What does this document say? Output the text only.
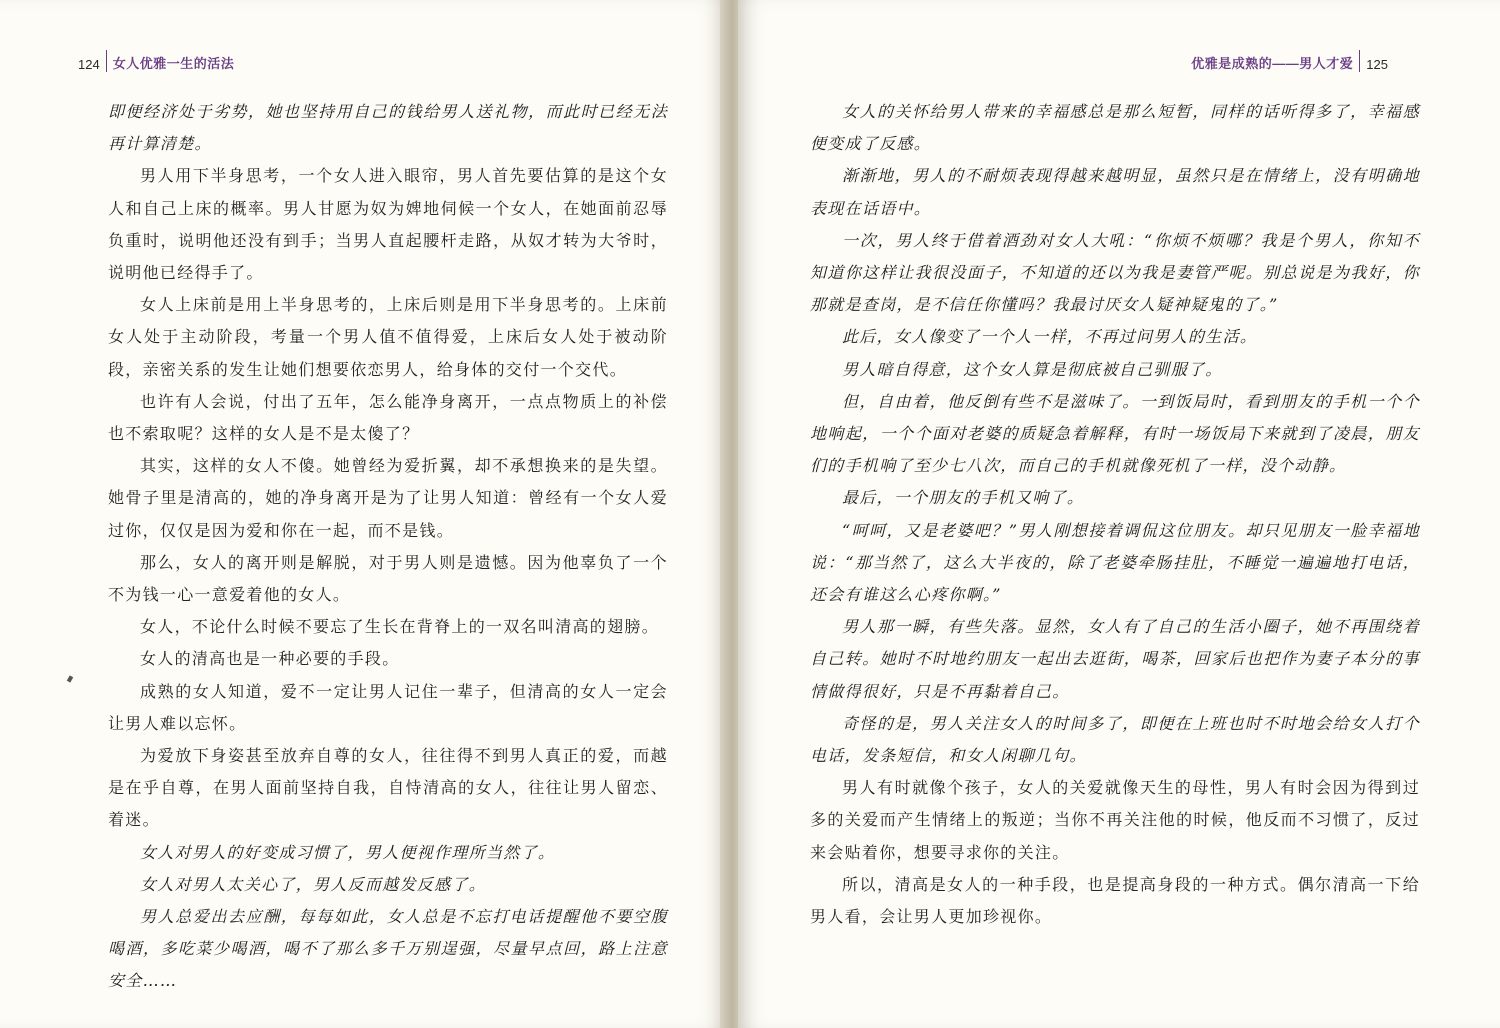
124 女人优雅一生的活法

即便经济处于劣势，她也坚持用自己的钱给男人送礼物，而此时已经无法再计算清楚。

男人用下半身思考，一个女人进入眼帘，男人首先要估算的是这个女人和自己上床的概率。男人甘愿为奴为婢地伺候一个女人，在她面前忍辱负重时，说明他还没有到手；当男人直起腰杆走路，从奴才转为大爷时，说明他已经得手了。

女人上床前是用上半身思考的，上床后则是用下半身思考的。上床前女人处于主动阶段，考量一个男人值不值得爱，上床后女人处于被动阶段，亲密关系的发生让她们想要依恋男人，给身体的交付一个交代。

也许有人会说，付出了五年，怎么能净身离开，一点点物质上的补偿也不索取呢？这样的女人是不是太傻了？

其实，这样的女人不傻。她曾经为爱折翼，却不承想换来的是失望。她骨子里是清高的，她的净身离开是为了让男人知道：曾经有一个女人爱过你，仅仅是因为爱和你在一起，而不是钱。

那么，女人的离开则是解脱，对于男人则是遗憾。因为他辜负了一个不为钱一心一意爱着他的女人。

女人，不论什么时候不要忘了生长在背脊上的一双名叫清高的翅膀。

女人的清高也是一种必要的手段。

成熟的女人知道，爱不一定让男人记住一辈子，但清高的女人一定会让男人难以忘怀。

为爱放下身姿甚至放弃自尊的女人，往往得不到男人真正的爱，而越是在乎自尊，在男人面前坚持自我，自恃清高的女人，往往让男人留恋、着迷。

女人对男人的好变成习惯了，男人便视作理所当然了。

女人对男人太关心了，男人反而越发反感了。

男人总爱出去应酬，每每如此，女人总是不忘打电话提醒他不要空腹喝酒，多吃菜少喝酒，喝不了那么多千万别逞强，尽量早点回，路上注意安全……

优雅是成熟的——男人才爱 125

女人的关怀给男人带来的幸福感总是那么短暂，同样的话听得多了，幸福感便变成了反感。

渐渐地，男人的不耐烦表现得越来越明显，虽然只是在情绪上，没有明确地表现在话语中。

一次，男人终于借着酒劲对女人大吼：“你烦不烦哪？我是个男人，你知不知道你这样让我很没面子，不知道的还以为我是妻管严呢。别总说是为我好，你那就是查岗，是不信任你懂吗？我最讨厌女人疑神疑鬼的了。”

此后，女人像变了一个人一样，不再过问男人的生活。

男人暗自得意，这个女人算是彻底被自己驯服了。

但，自由着，他反倒有些不是滋味了。一到饭局时，看到朋友的手机一个个地响起，一个个面对老婆的质疑急着解释，有时一场饭局下来就到了凌晨，朋友们的手机响了至少七八次，而自己的手机就像死机了一样，没个动静。

最后，一个朋友的手机又响了。

“呵呵，又是老婆吧？”男人刚想接着调侃这位朋友。却只见朋友一脸幸福地说：“那当然了，这么大半夜的，除了老婆牵肠挂肚，不睡觉一遍遍地打电话，还会有谁这么心疼你啊。”

男人那一瞬，有些失落。显然，女人有了自己的生活小圈子，她不再围绕着自己转。她时不时地约朋友一起出去逛街，喝茶，回家后也把作为妻子本分的事情做得很好，只是不再黏着自己。

奇怪的是，男人关注女人的时间多了，即便在上班也时不时地会给女人打个电话，发条短信，和女人闲聊几句。

男人有时就像个孩子，女人的关爱就像天生的母性，男人有时会因为得到过多的关爱而产生情绪上的叛逆；当你不再关注他的时候，他反而不习惯了，反过来会贴着你，想要寻求你的关注。

所以，清高是女人的一种手段，也是提高身段的一种方式。偶尔清高一下给男人看，会让男人更加珍视你。
